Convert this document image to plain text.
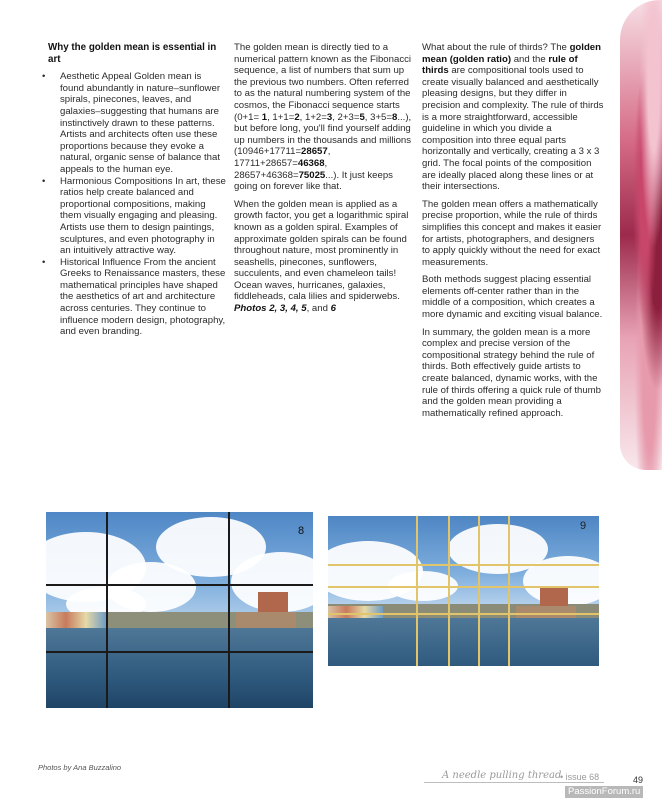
Why the golden mean is essential in art
• Aesthetic Appeal Golden mean is found abundantly in nature–sunflower spirals, pinecones, leaves, and galaxies–suggesting that humans are instinctively drawn to these patterns. Artists and architects often use these proportions because they evoke a natural, organic sense of balance that appeals to the human eye.
• Harmonious Compositions In art, these ratios help create balanced and proportional compositions, making them visually engaging and pleasing. Artists use them to design paintings, sculptures, and even photography in an intuitively attractive way.
• Historical Influence From the ancient Greeks to Renaissance masters, these mathematical principles have shaped the aesthetics of art and architecture across centuries. They continue to influence modern design, photography, and even branding.

The golden mean is directly tied to a numerical pattern known as the Fibonacci sequence, a list of numbers that sum up the previous two numbers. Often referred to as the natural numbering system of the cosmos, the Fibonacci sequence starts (0+1= 1, 1+1=2, 1+2=3, 2+3=5, 3+5=8...), but before long, you'll find yourself adding up numbers in the thousands and millions (10946+17711=28657, 17711+28657=46368, 28657+46368=75025...). It just keeps going on forever like that.

When the golden mean is applied as a growth factor, you get a logarithmic spiral known as a golden spiral. Examples of approximate golden spirals can be found throughout nature, most prominently in seashells, pinecones, sunflowers, succulents, and even chameleon tails! Ocean waves, hurricanes, galaxies, fiddleheads, cala lilies and spiderwebs.
Photos 2, 3, 4, 5, and 6

What about the rule of thirds? The golden mean (golden ratio) and the rule of thirds are compositional tools used to create visually balanced and aesthetically pleasing designs, but they differ in precision and complexity. The rule of thirds is a more straightforward, accessible guideline in which you divide a composition into three equal parts horizontally and vertically, creating a 3 x 3 grid. The focal points of the composition are ideally placed along these lines or at their intersections.

The golden mean offers a mathematically precise proportion, while the rule of thirds simplifies this concept and makes it easier for artists, photographers, and designers to apply quickly without the need for exact measurements.

Both methods suggest placing essential elements off-center rather than in the middle of a composition, which creates a more dynamic and exciting visual balance.

In summary, the golden mean is a more complex and precise version of the compositional strategy behind the rule of thirds. Both effectively guide artists to create balanced, dynamic works, with the rule of thirds offering a quick rule of thumb and the golden mean providing a mathematically refined approach.

8	9
Photos by Ana Buzzalino
A needle pulling thread
• issue 68	49
PassionForum.ru
